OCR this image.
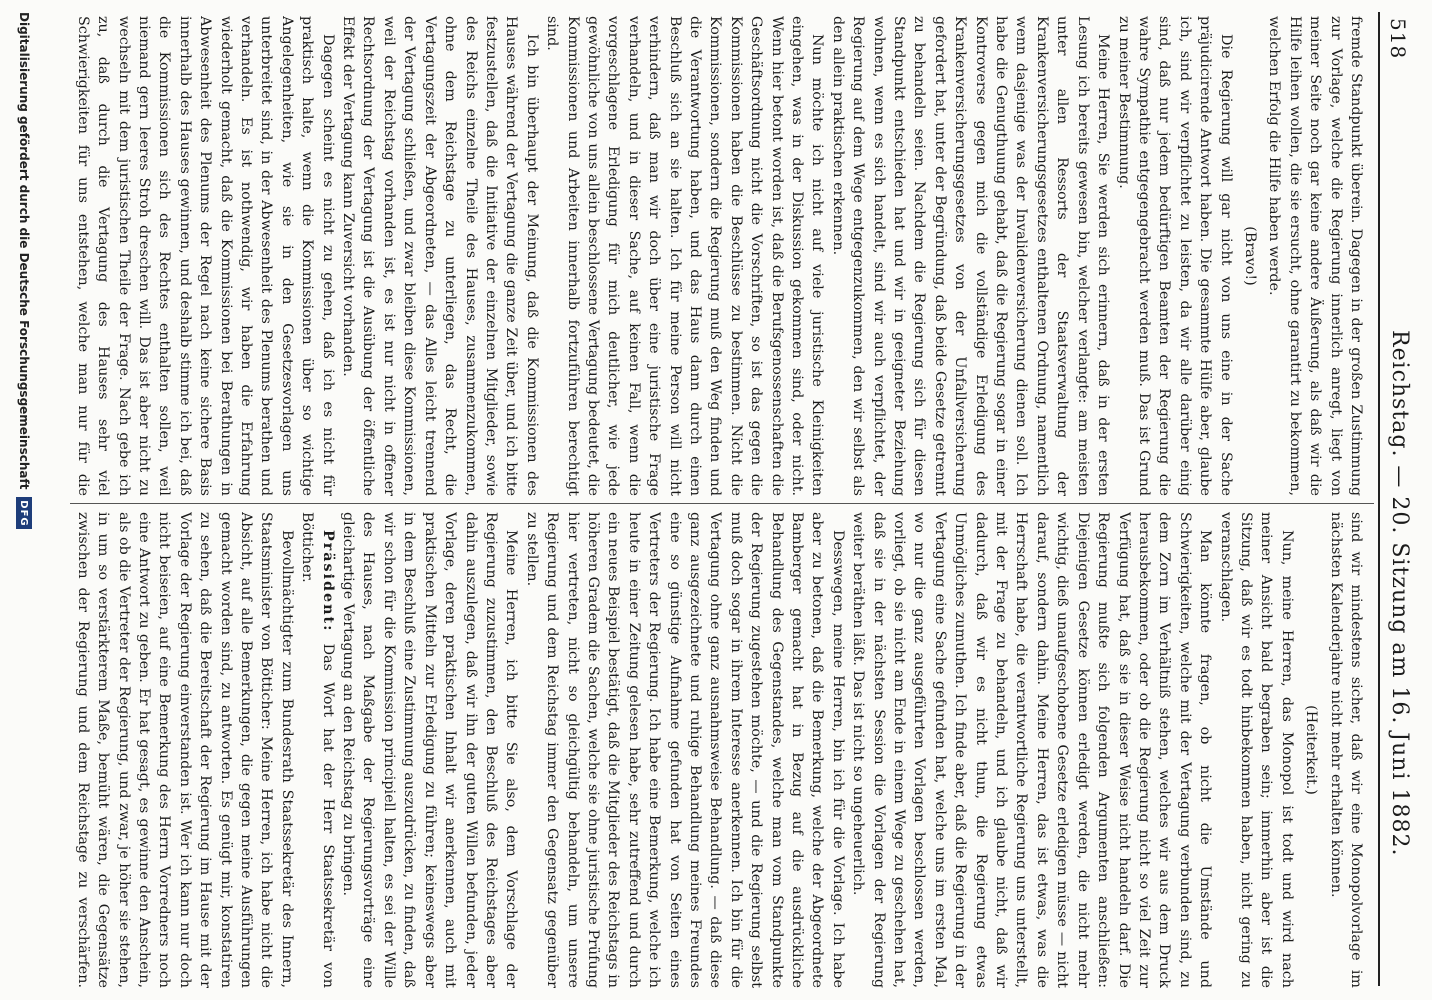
518
Reichstag. — 20. Sitzung am 16. Juni 1882.

fremde Standpunkt überein. Dagegen in der großen Zustimmung zur Vorlage, welche die Regierung innerlich anregt, liegt von meiner Seite noch gar keine andere Äußerung, als daß wir die Hilfe leihen wollen, die sie ersucht, ohne garantirt zu bekommen, welchen Erfolg die Hilfe haben werde.

(Bravo!)

Die Regierung will gar nicht von uns eine in der Sache präjudicirende Antwort haben. Die gesammte Hülfe aber, glaube ich, sind wir verpflichtet zu leisten, da wir alle darüber einig sind, daß nur jedem bedürftigen Beamten der Regierung die wahre Sympathie entgegengebracht werden muß. Das ist Grund zu meiner Bestimmung.

Meine Herren, Sie werden sich erinnern, daß in der ersten Lesung ich bereits gewesen bin, welcher verlangte: am meisten unter allen Ressorts der Staatsverwaltung der Krankenversicherungsgesetzes enthaltenen Ordnung, namentlich wenn dasjenige was der Invalidenversicherung dienen soll. Ich habe die Genugthuung gehabt, daß die Regierung sogar in einer Kontroverse gegen mich die vollständige Erledigung des Krankenversicherungsgesetzes von der Unfallversicherung gefordert hat, unter der Begründung, daß beide Gesetze getrennt zu behandeln seien. Nachdem die Regierung sich für diesen Standpunkt entschieden hat und wir in geeigneter Beziehung wohnen, wenn es sich handelt, sind wir auch verpflichtet, der Regierung auf dem Wege entgegenzukommen, den wir selbst als den allein praktischen erkennen.

Nun möchte ich nicht auf viele juristische Kleinigkeiten eingehen, was in der Diskussion gekommen sind, oder nicht. Wenn hier betont worden ist, daß die Berufsgenossenschaften die Geschäftsordnung nicht die Vorschriften, so ist das gegen die Kommissionen haben die Beschlüsse zu bestimmen. Nicht die Kommissionen, sondern die Regierung muß den Weg finden und die Verantwortung haben, und das Haus dann durch einen Beschluß sich an sie halten. Ich für meine Person will nicht verhindern, daß man wir doch über eine juristische Frage verhandeln, und in dieser Sache, auf keinen Fall, wenn die vorgeschlagene Erledigung für mich deutlicher, wie jede gewöhnliche von uns allein beschlossene Vertagung bedeutet, die Kommissionen und Arbeiten innerhalb fortzuführen berechtigt sind.

Ich bin überhaupt der Meinung, daß die Kommissionen des Hauses während der Vertagung die ganze Zeit über, und ich bitte festzustellen, daß die Initiative der einzelnen Mitglieder, sowie des Reichs einzelne Theile des Hauses, zusammenzukommen, ohne dem Reichstage zu unterliegen, das Recht, die Vertagungszeit der Abgeordneten, — das Alles leicht trennend der Vertagung schließen, und zwar bleiben diese Kommissionen, weil der Reichstag vorhanden ist, es ist nur nicht in offener Rechtsordnung der Vertagung ist die Ausübung der öffentliche Effekt der Vertagung kann Zuversicht vorhanden.

Dagegen scheint es nicht zu gehen, daß ich es nicht für praktisch halte, wenn die Kommissionen über so wichtige Angelegenheiten, wie sie in den Gesetzesvorlagen uns unterbreitet sind, in der Abwesenheit des Plenums berathen und verhandeln. Es ist nothwendig, wir haben die Erfahrung wiederholt gemacht, daß die Kommissionen bei Berathungen in Abwesenheit des Plenums der Regel nach keine sichere Basis innerhalb des Hauses gewinnen, und deshalb stimme ich bei, daß die Kommissionen sich des Rechtes enthalten sollen, weil niemand gern leeres Stroh dreschen will. Das ist aber nicht zu wechseln mit dem juristischen Theile der Frage. Nach gebe ich zu, daß durch die Vertagung des Hauses sehr viel Schwierigkeiten für uns entstehen, welche man nur für die

sind wir mindestens sicher, daß wir eine Monopolvorlage im nächsten Kalenderjahre nicht mehr erhalten können.

(Heiterkeit.)

Nun, meine Herren, das Monopol ist todt und wird nach meiner Ansicht bald begraben sein; immerhin aber ist die Sitzung, daß wir es todt hinbekommen haben, nicht gering zu veranschlagen.

Man könnte fragen, ob nicht die Umstände und Schwierigkeiten, welche mit der Vertagung verbunden sind, zu dem Zorn im Verhältniß stehen, welches wir aus dem Druck herausbekommen, oder ob die Regierung nicht so viel Zeit zur Verfügung hat, daß sie in dieser Weise nicht handeln darf. Die Regierung mußte sich folgenden Argumenten anschließen: Diejenigen Gesetze können erledigt werden, die nicht mehr wichtig, dieß unaufgeschobene Gesetze erledigen müsse — nicht darauf, sondern dahin. Meine Herren, das ist etwas, was die Herrschaft habe, die verantwortliche Regierung uns unterstellt, mit der Frage zu behandeln, und ich glaube nicht, daß wir dadurch, daß wir es nicht thun, die Regierung etwas Unmögliches zumuthen. Ich finde aber, daß die Regierung in der Vertagung eine Sache gefunden hat, welche uns im ersten Mal, wo nur die ganz ausgeführten Vorlagen beschlossen werden, vorliegt, ob sie nicht am Ende in einem Wege zu geschehen hat, daß sie in der nächsten Session die Vorlagen der Regierung weiter beräthen läßt. Das ist nicht so ungeheuerlich.

Desswegen, meine Herren, bin ich für die Vorlage. Ich habe aber zu betonen, daß die Bemerkung, welche der Abgeordnete Bamberger gemacht hat in Bezug auf die ausdrückliche Behandlung des Gegenstandes, welche man vom Standpunkte der Regierung zugestehen möchte, — und die Regierung selbst muß doch sogar in ihrem Interesse anerkennen. Ich bin für die Vertagung ohne ganz ausnahmsweise Behandlung. — daß diese ganz ausgezeichnete und ruhige Behandlung meines Freundes eine so günstige Aufnahme gefunden hat von Seiten eines Vertreters der Regierung. Ich habe eine Bemerkung, welche ich heute in einer Zeitung gelesen habe, sehr zutreffend und durch ein neues Beispiel bestätigt, daß die Mitglieder des Reichstags in höheren Gradem die Sachen, welche sie ohne juristische Prüfung hier vertreten, nicht so gleichgültig behandeln, um unsere Regierung und dem Reichstag immer den Gegensatz gegenüber zu stellen.

Meine Herren, ich bitte Sie also, dem Vorschlage der Regierung zuzustimmen, den Beschluß des Reichstages aber dahin auszulegen, daß wir ihn der guten Willen befunden, jeder Vorlage, deren praktischen Inhalt wir anerkennen, auch mit praktischen Mitteln zur Erledigung zu führen; keineswegs aber in dem Beschluß eine Zustimmung auszudrücken, zu finden, daß wir schon für die Kommission principiell halten, es sei der Wille des Hauses, nach Maßgabe der Regierungsvorträge eine gleichartige Vertagung an den Reichstag zu bringen.

Präsident: Das Wort hat der Herr Staatssekretär von Bötticher.

Bevollmächtigter zum Bundesrath Staatssekretär des Innern, Staatsminister von Bötticher: Meine Herren, ich habe nicht die Absicht, auf alle Bemerkungen, die gegen meine Ausführungen gemacht worden sind, zu antworten. Es genügt mir, konstatiren zu sehen, daß die Bereitschaft der Regierung im Hause mit der Vorlage der Regierung einverstanden ist. Wer ich kann nur doch nicht beiseien, auf eine Bemerkung des Herrn Vorredners noch eine Antwort zu geben. Er hat gesagt, es gewinne den Anschein, als ob die Vertreter der Regierung, und zwar, je höher sie stehen, in um so verstärkterem Maße, bemüht wären, die Gegensätze zwischen der Regierung und dem Reichstage zu verschärfen.

Digitalisierung gefördert durch die Deutsche Forschungsgemeinschaft
DFG
